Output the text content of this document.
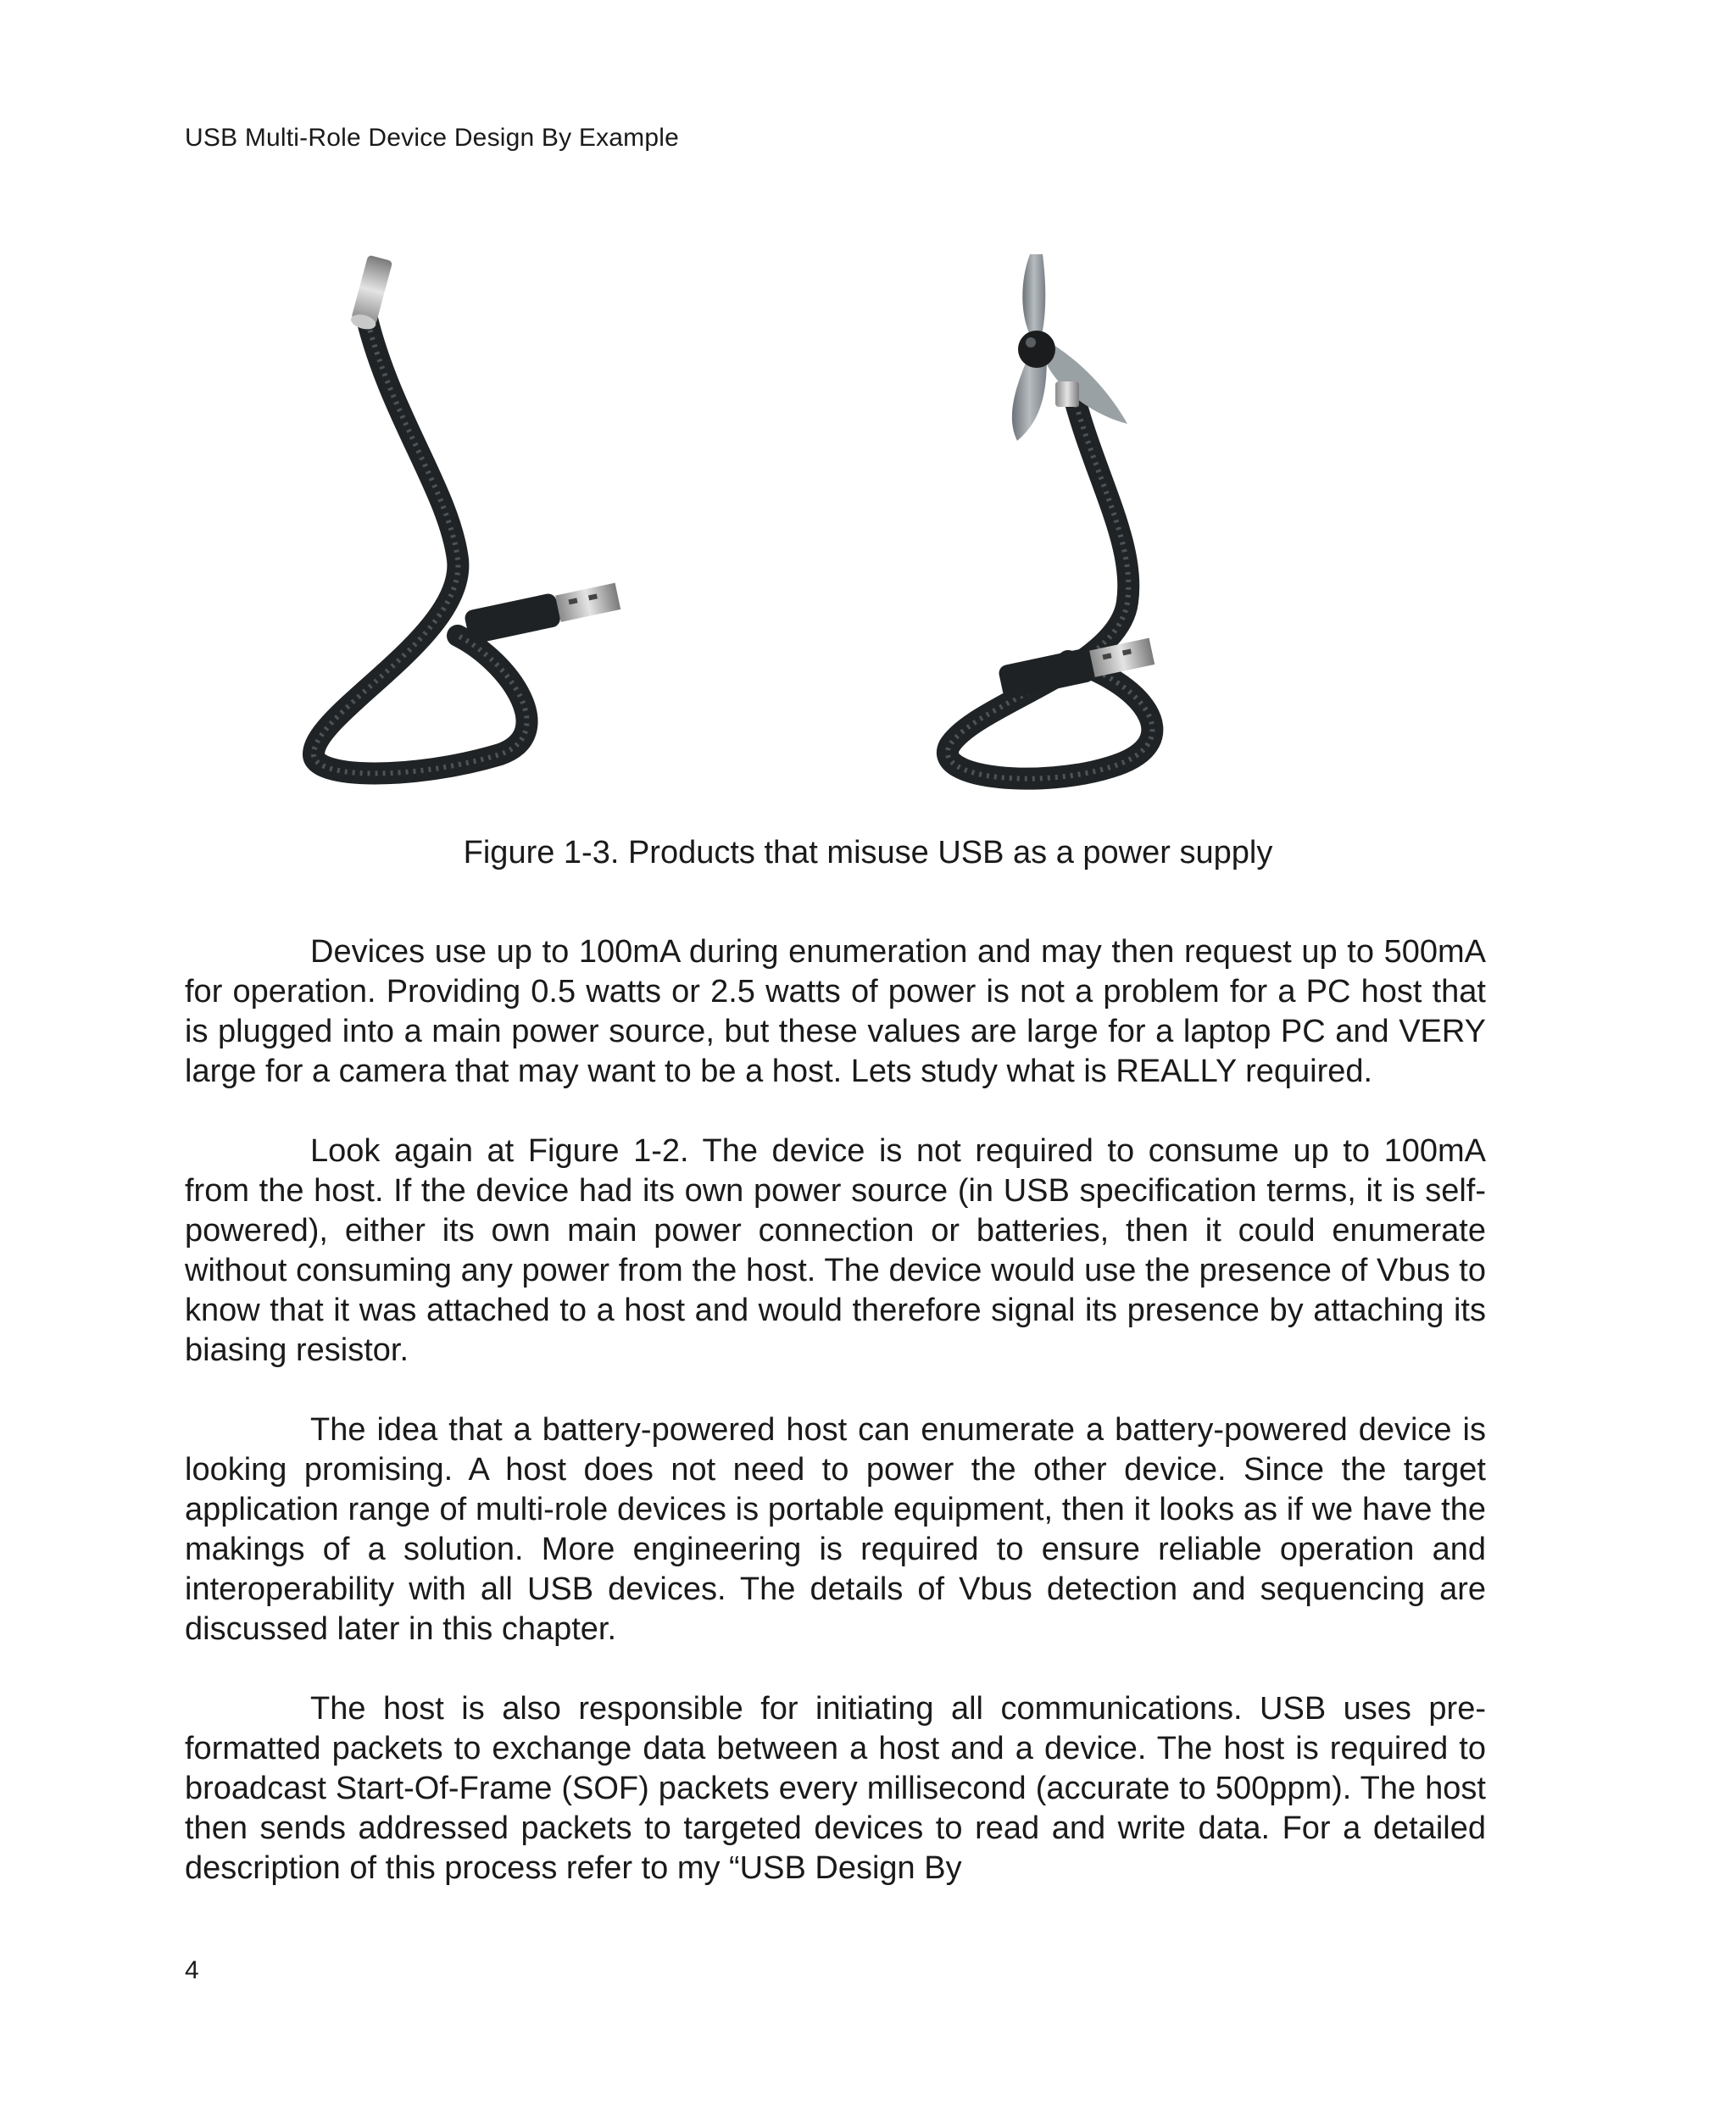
USB Multi-Role Device Design By Example
Figure 1-3. Products that misuse USB as a power supply

Devices use up to 100mA during enumeration and may then request up to 500mA for operation. Providing 0.5 watts or 2.5 watts of power is not a problem for a PC host that is plugged into a main power source, but these values are large for a laptop PC and VERY large for a camera that may want to be a host. Lets study what is REALLY required.

Look again at Figure 1-2. The device is not required to consume up to 100mA from the host. If the device had its own power source (in USB specification terms, it is self-powered), either its own main power connection or batteries, then it could enumerate without consuming any power from the host. The device would use the presence of Vbus to know that it was attached to a host and would therefore signal its presence by attaching its biasing resistor.

The idea that a battery-powered host can enumerate a battery-powered device is looking promising. A host does not need to power the other device. Since the target application range of multi-role devices is portable equipment, then it looks as if we have the makings of a solution. More engineering is required to ensure reliable operation and interoperability with all USB devices. The details of Vbus detection and sequencing are discussed later in this chapter.

The host is also responsible for initiating all communications. USB uses pre-formatted packets to exchange data between a host and a device. The host is required to broadcast Start-Of-Frame (SOF) packets every millisecond (accurate to 500ppm). The host then sends addressed packets to targeted devices to read and write data. For a detailed description of this process refer to my “USB Design By

4
